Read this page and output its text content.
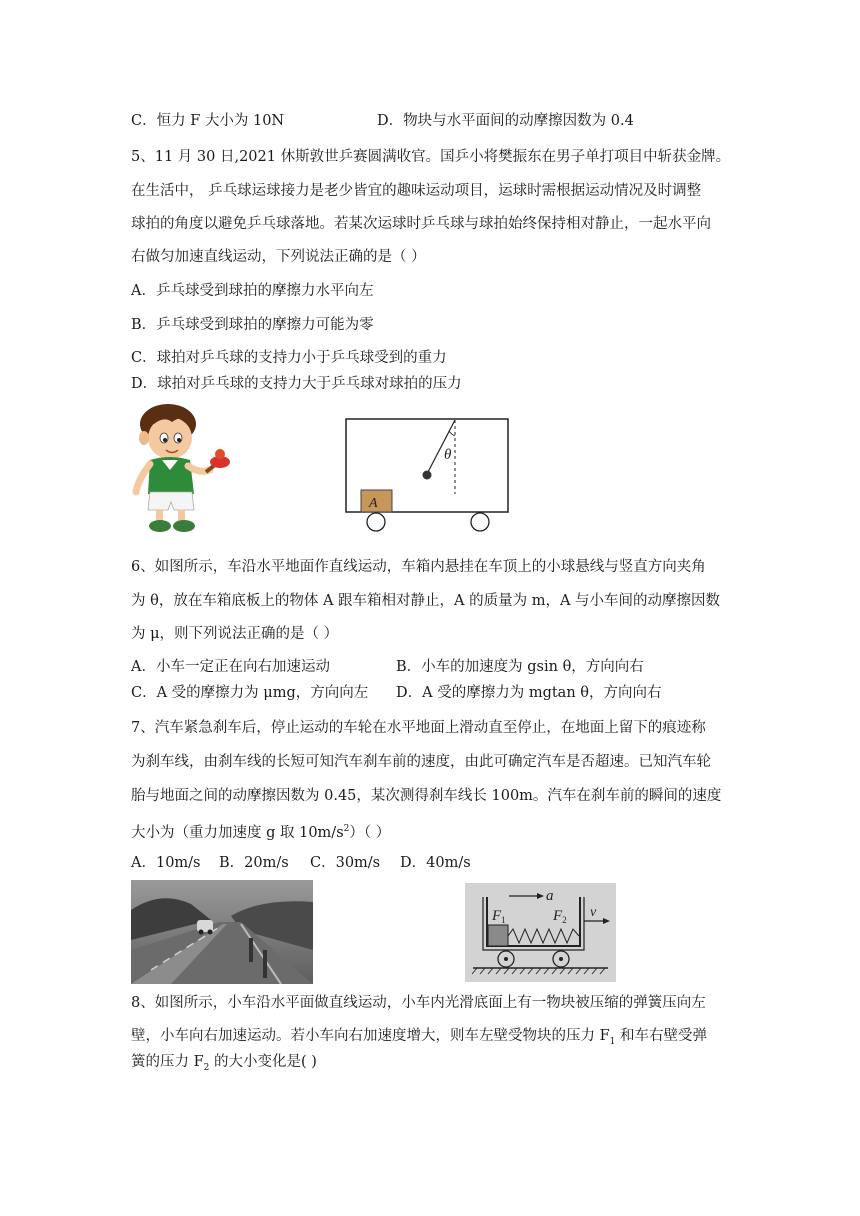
C．恒力 F 大小为 10N	D．物块与水平面间的动摩擦因数为 0.4
5、11 月 30 日,2021 休斯敦世乒赛圆满收官。国乒小将樊振东在男子单打项目中斩获金牌。
在生活中， 乒乓球运球接力是老少皆宜的趣味运动项目，运球时需根据运动情况及时调整
球拍的角度以避免乒乓球落地。若某次运球时乒乓球与球拍始终保持相对静止，一起水平向
右做匀加速直线运动，下列说法正确的是（ ）
A．乒乓球受到球拍的摩擦力水平向左
B．乒乓球受到球拍的摩擦力可能为零
C．球拍对乒乓球的支持力小于乒乓球受到的重力
D．球拍对乒乓球的支持力大于乒乓球对球拍的压力
θ
A
6、如图所示，车沿水平地面作直线运动，车箱内悬挂在车顶上的小球悬线与竖直方向夹角
为 θ，放在车箱底板上的物体 A 跟车箱相对静止，A 的质量为 m，A 与小车间的动摩擦因数
为 μ，则下列说法正确的是（ ）
A．小车一定正在向右加速运动	B．小车的加速度为 gsin θ，方向向右
C．A 受的摩擦力为 μmg，方向向左 D．A 受的摩擦力为 mgtan θ，方向向右
7、汽车紧急刹车后，停止运动的车轮在水平地面上滑动直至停止，在地面上留下的痕迹称
为刹车线，由刹车线的长短可知汽车刹车前的速度，由此可确定汽车是否超速。已知汽车轮
胎与地面之间的动摩擦因数为 0.45，某次测得刹车线长 100m。汽车在刹车前的瞬间的速度
大小为（重力加速度 g 取 $10m/s^2$）（ ）
A．10m/s B．20m/s C．30m/s D．40m/s
a
$F_1$	$F_2$ v
8、如图所示，小车沿水平面做直线运动，小车内光滑底面上有一物块被压缩的弹簧压向左
壁，小车向右加速运动。若小车向右加速度增大，则车左壁受物块的压力 $F_1$ 和车右壁受弹
簧的压力 $F_2$ 的大小变化是( )
